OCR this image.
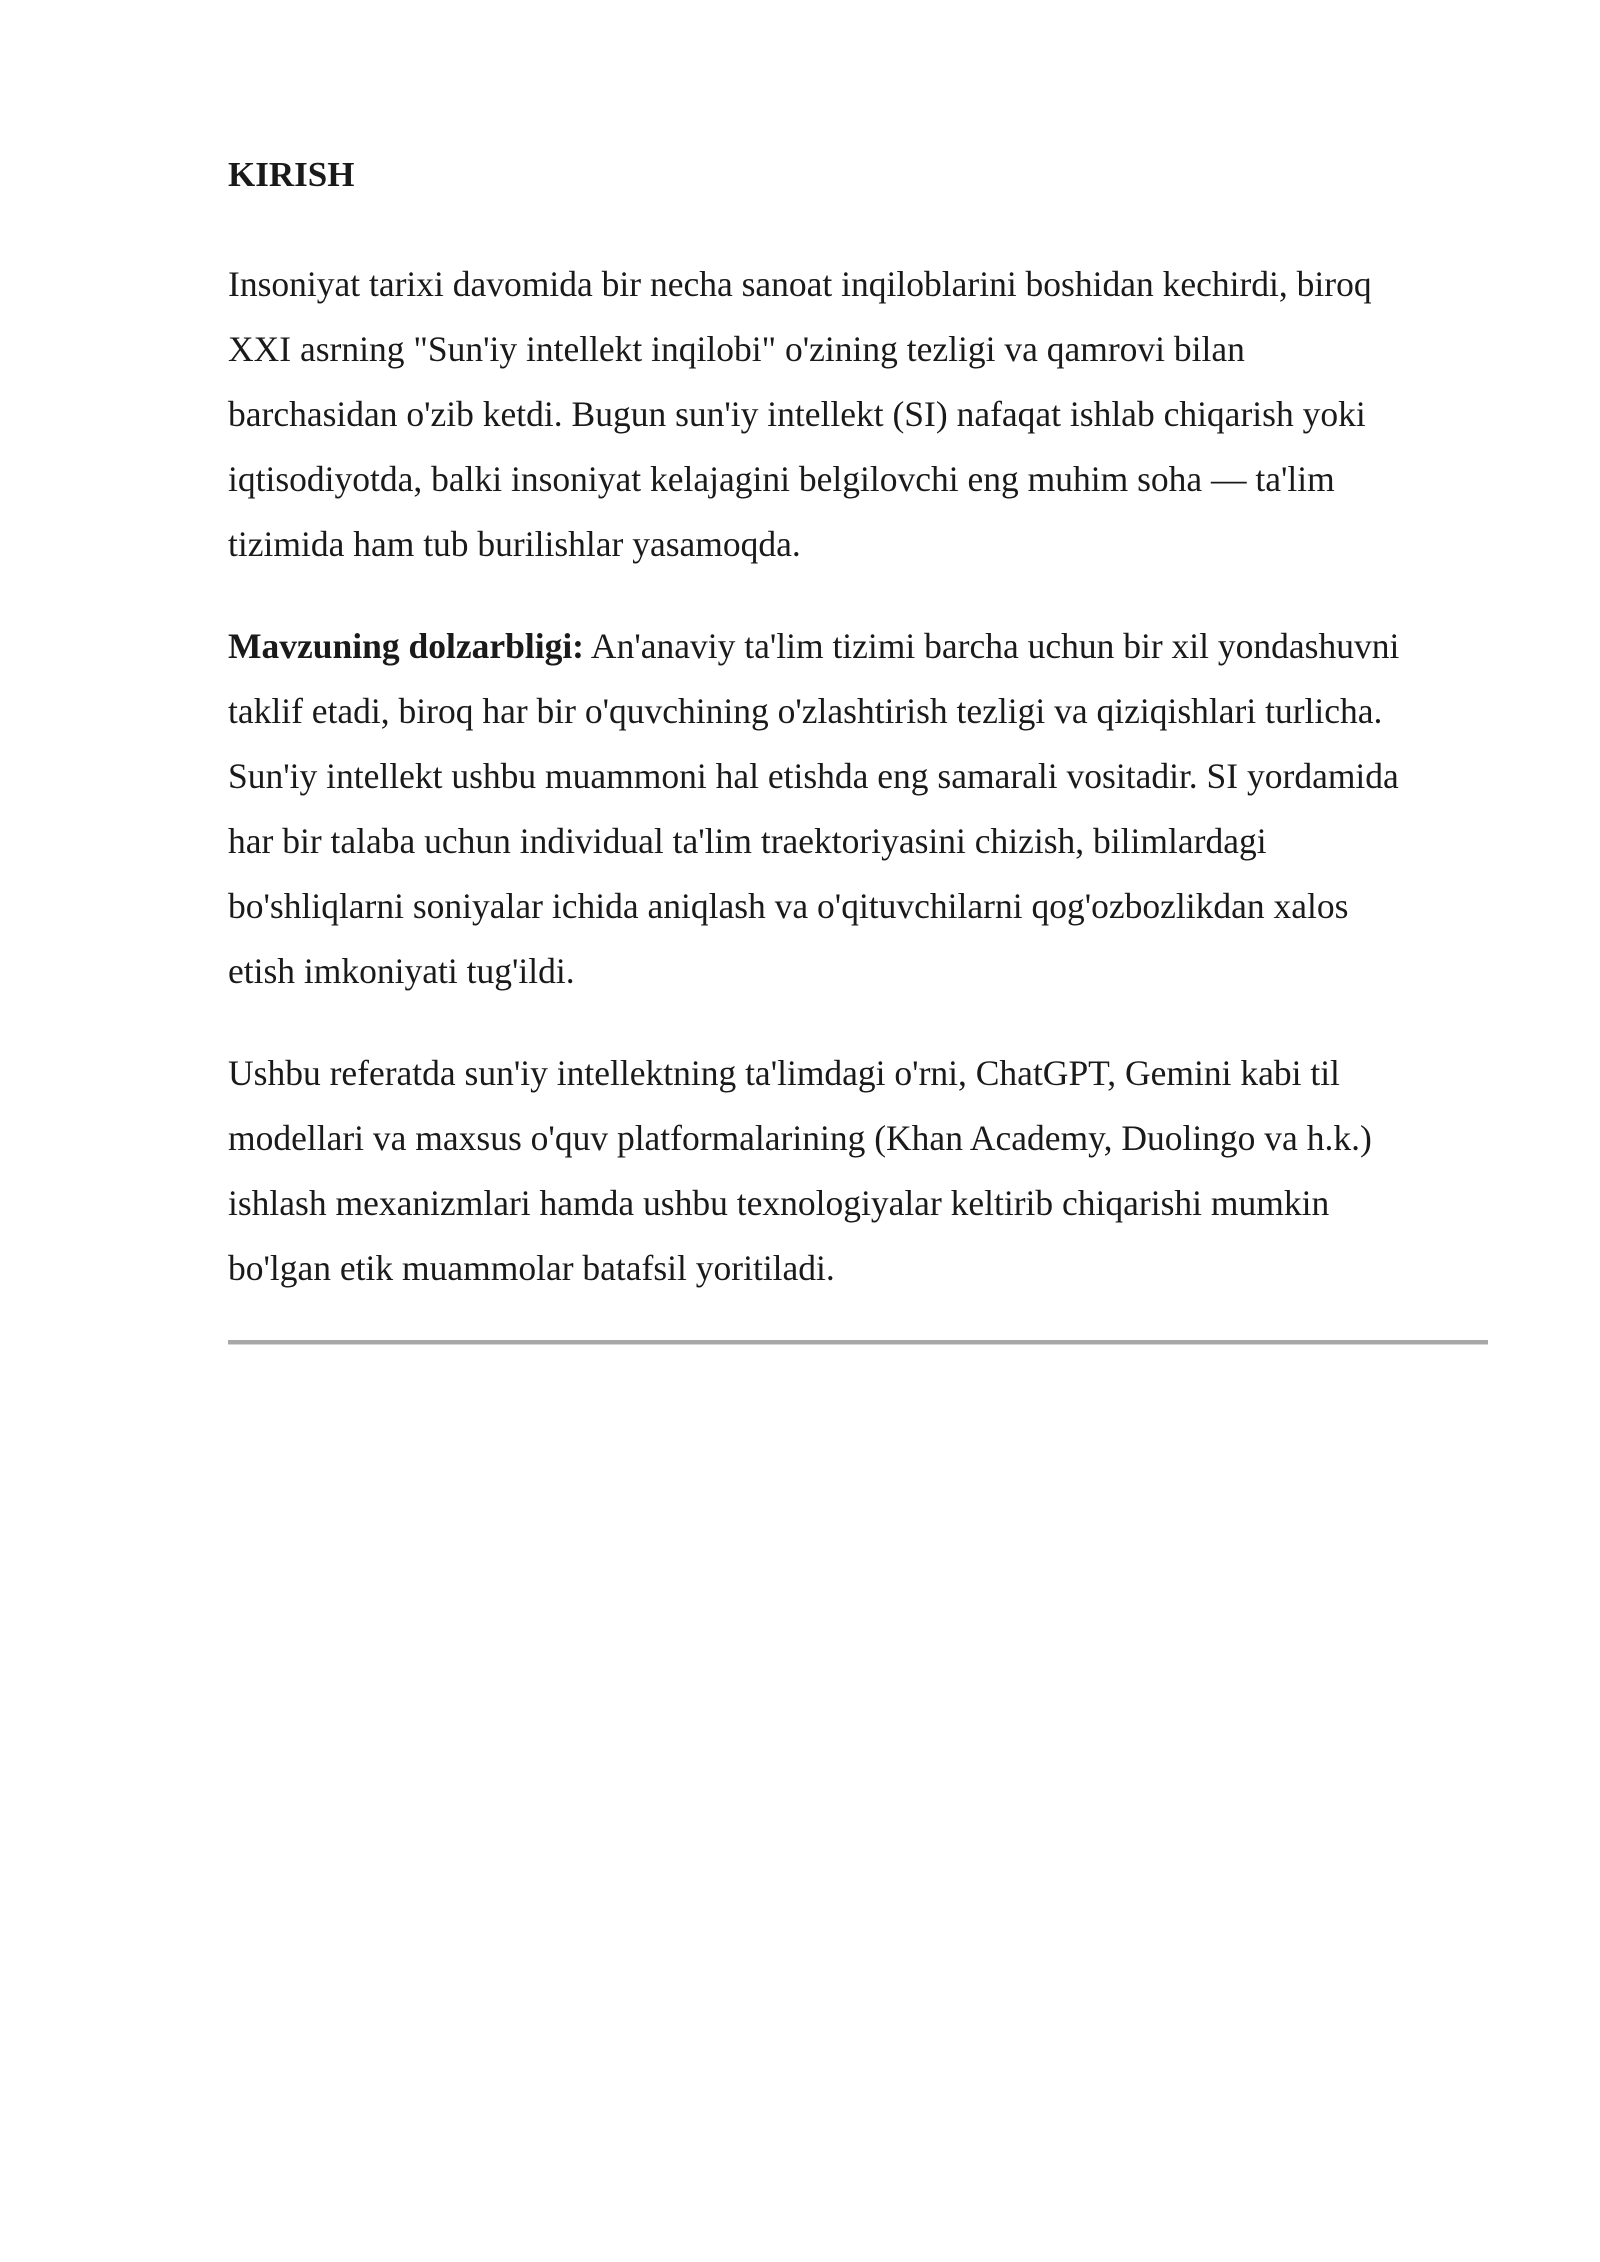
KIRISH
Insoniyat tarixi davomida bir necha sanoat inqiloblarini boshidan kechirdi, biroq
XXI asrning "Sun'iy intellekt inqilobi" o'zining tezligi va qamrovi bilan
barchasidan o'zib ketdi. Bugun sun'iy intellekt (SI) nafaqat ishlab chiqarish yoki
iqtisodiyotda, balki insoniyat kelajagini belgilovchi eng muhim soha — ta'lim
tizimida ham tub burilishlar yasamoqda.
Mavzuning dolzarbligi: An'anaviy ta'lim tizimi barcha uchun bir xil yondashuvni
taklif etadi, biroq har bir o'quvchining o'zlashtirish tezligi va qiziqishlari turlicha.
Sun'iy intellekt ushbu muammoni hal etishda eng samarali vositadir. SI yordamida
har bir talaba uchun individual ta'lim traektoriyasini chizish, bilimlardagi
bo'shliqlarni soniyalar ichida aniqlash va o'qituvchilarni qog'ozbozlikdan xalos
etish imkoniyati tug'ildi.
Ushbu referatda sun'iy intellektning ta'limdagi o'rni, ChatGPT, Gemini kabi til
modellari va maxsus o'quv platformalarining (Khan Academy, Duolingo va h.k.)
ishlash mexanizmlari hamda ushbu texnologiyalar keltirib chiqarishi mumkin
bo'lgan etik muammolar batafsil yoritiladi.
